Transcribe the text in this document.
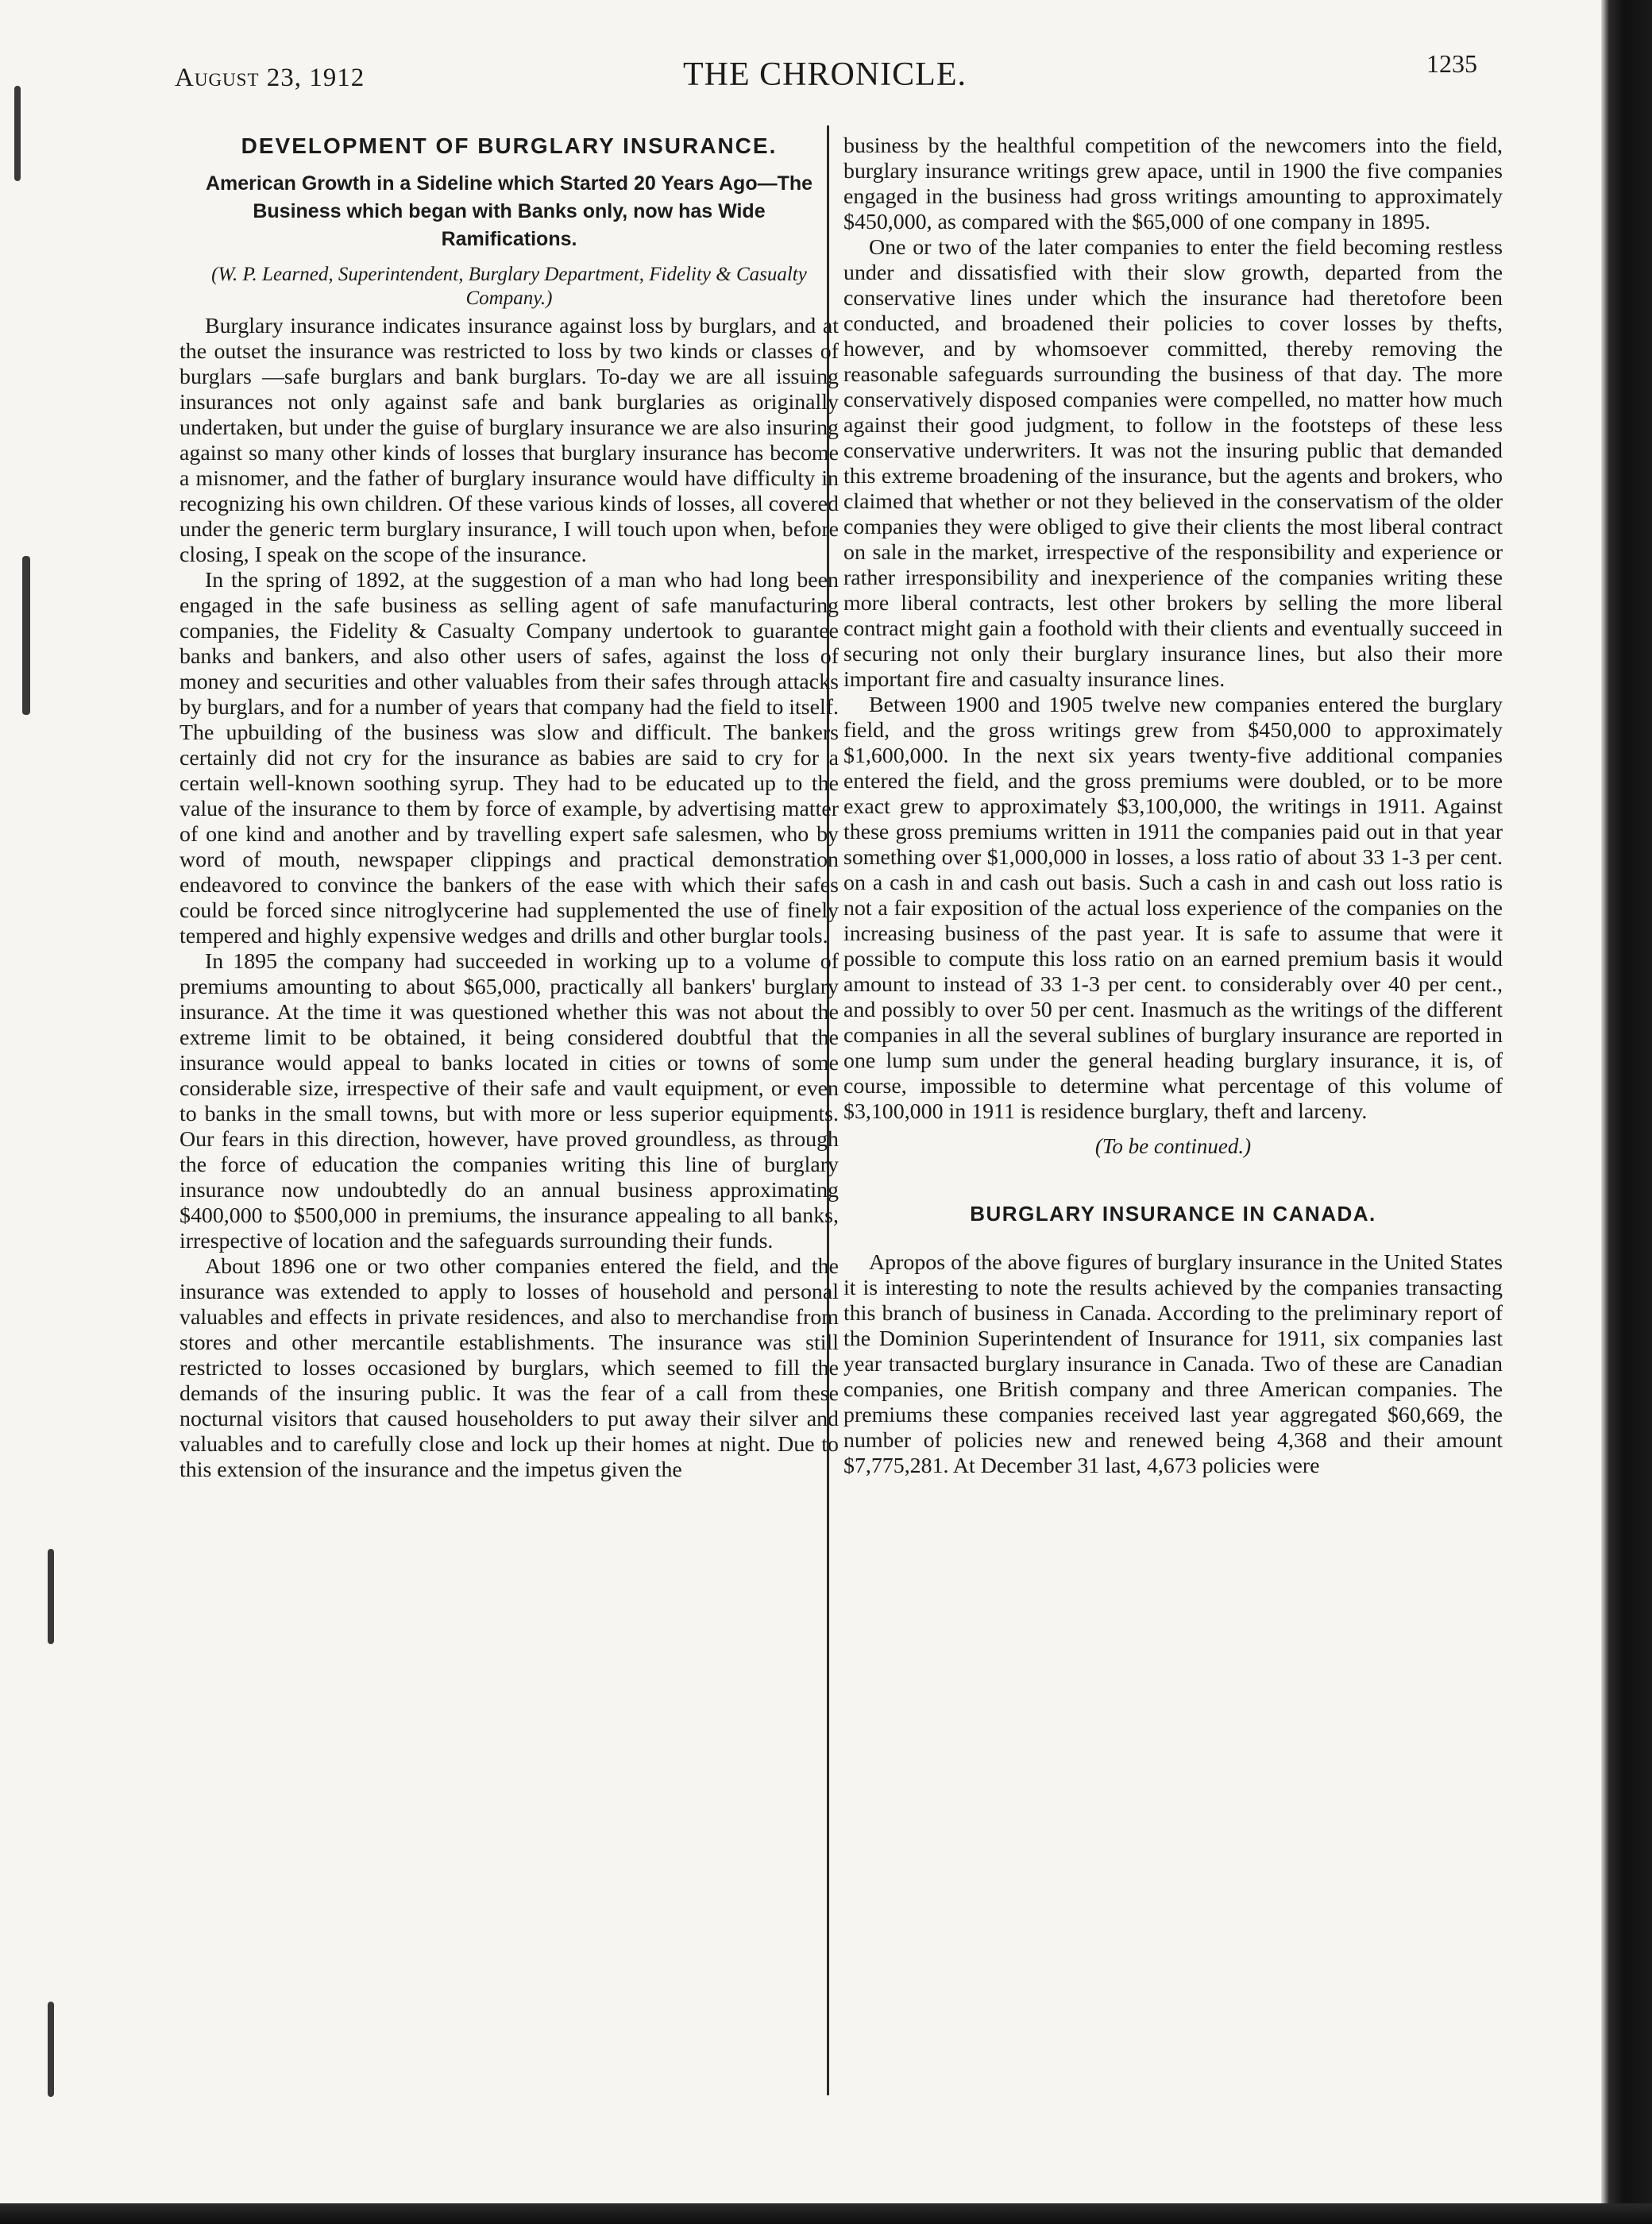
August 23, 1912	THE CHRONICLE.	1235
DEVELOPMENT OF BURGLARY INSURANCE.
American Growth in a Sideline which Started 20 Years Ago—The Business which began with Banks only, now has Wide Ramifications.
(W. P. Learned, Superintendent, Burglary Department, Fidelity & Casualty Company.)

Burglary insurance indicates insurance against loss by burglars, and at the outset the insurance was restricted to loss by two kinds or classes of burglars —safe burglars and bank burglars. To-day we are all issuing insurances not only against safe and bank burglaries as originally undertaken, but under the guise of burglary insurance we are also insuring against so many other kinds of losses that burglary insurance has become a misnomer, and the father of burglary insurance would have difficulty in recognizing his own children. Of these various kinds of losses, all covered under the generic term burglary insurance, I will touch upon when, before closing, I speak on the scope of the insurance.

In the spring of 1892, at the suggestion of a man who had long been engaged in the safe business as selling agent of safe manufacturing companies, the Fidelity & Casualty Company undertook to guarantee banks and bankers, and also other users of safes, against the loss of money and securities and other valuables from their safes through attacks by burglars, and for a number of years that company had the field to itself. The upbuilding of the business was slow and difficult. The bankers certainly did not cry for the insurance as babies are said to cry for a certain well-known soothing syrup. They had to be educated up to the value of the insurance to them by force of example, by advertising matter of one kind and another and by travelling expert safe salesmen, who by word of mouth, newspaper clippings and practical demonstration endeavored to convince the bankers of the ease with which their safes could be forced since nitroglycerine had supplemented the use of finely tempered and highly expensive wedges and drills and other burglar tools.

In 1895 the company had succeeded in working up to a volume of premiums amounting to about $65,000, practically all bankers' burglary insurance. At the time it was questioned whether this was not about the extreme limit to be obtained, it being considered doubtful that the insurance would appeal to banks located in cities or towns of some considerable size, irrespective of their safe and vault equipment, or even to banks in the small towns, but with more or less superior equipments. Our fears in this direction, however, have proved groundless, as through the force of education the companies writing this line of burglary insurance now undoubtedly do an annual business approximating $400,000 to $500,000 in premiums, the insurance appealing to all banks, irrespective of location and the safeguards surrounding their funds.

About 1896 one or two other companies entered the field, and the insurance was extended to apply to losses of household and personal valuables and effects in private residences, and also to merchandise from stores and other mercantile establishments. The insurance was still restricted to losses occasioned by burglars, which seemed to fill the demands of the insuring public. It was the fear of a call from these nocturnal visitors that caused householders to put away their silver and valuables and to carefully close and lock up their homes at night. Due to this extension of the insurance and the impetus given the

business by the healthful competition of the newcomers into the field, burglary insurance writings grew apace, until in 1900 the five companies engaged in the business had gross writings amounting to approximately $450,000, as compared with the $65,000 of one company in 1895.

One or two of the later companies to enter the field becoming restless under and dissatisfied with their slow growth, departed from the conservative lines under which the insurance had theretofore been conducted, and broadened their policies to cover losses by thefts, however, and by whomsoever committed, thereby removing the reasonable safeguards surrounding the business of that day. The more conservatively disposed companies were compelled, no matter how much against their good judgment, to follow in the footsteps of these less conservative underwriters. It was not the insuring public that demanded this extreme broadening of the insurance, but the agents and brokers, who claimed that whether or not they believed in the conservatism of the older companies they were obliged to give their clients the most liberal contract on sale in the market, irrespective of the responsibility and experience or rather irresponsibility and inexperience of the companies writing these more liberal contracts, lest other brokers by selling the more liberal contract might gain a foothold with their clients and eventually succeed in securing not only their burglary insurance lines, but also their more important fire and casualty insurance lines.

Between 1900 and 1905 twelve new companies entered the burglary field, and the gross writings grew from $450,000 to approximately $1,600,000. In the next six years twenty-five additional companies entered the field, and the gross premiums were doubled, or to be more exact grew to approximately $3,100,000, the writings in 1911. Against these gross premiums written in 1911 the companies paid out in that year something over $1,000,000 in losses, a loss ratio of about 33 1-3 per cent. on a cash in and cash out basis. Such a cash in and cash out loss ratio is not a fair exposition of the actual loss experience of the companies on the increasing business of the past year. It is safe to assume that were it possible to compute this loss ratio on an earned premium basis it would amount to instead of 33 1-3 per cent. to considerably over 40 per cent., and possibly to over 50 per cent. Inasmuch as the writings of the different companies in all the several sublines of burglary insurance are reported in one lump sum under the general heading burglary insurance, it is, of course, impossible to determine what percentage of this volume of $3,100,000 in 1911 is residence burglary, theft and larceny.

(To be continued.)
BURGLARY INSURANCE IN CANADA.

Apropos of the above figures of burglary insurance in the United States it is interesting to note the results achieved by the companies transacting this branch of business in Canada. According to the preliminary report of the Dominion Superintendent of Insurance for 1911, six companies last year transacted burglary insurance in Canada. Two of these are Canadian companies, one British company and three American companies. The premiums these companies received last year aggregated $60,669, the number of policies new and renewed being 4,368 and their amount $7,775,281. At December 31 last, 4,673 policies were
